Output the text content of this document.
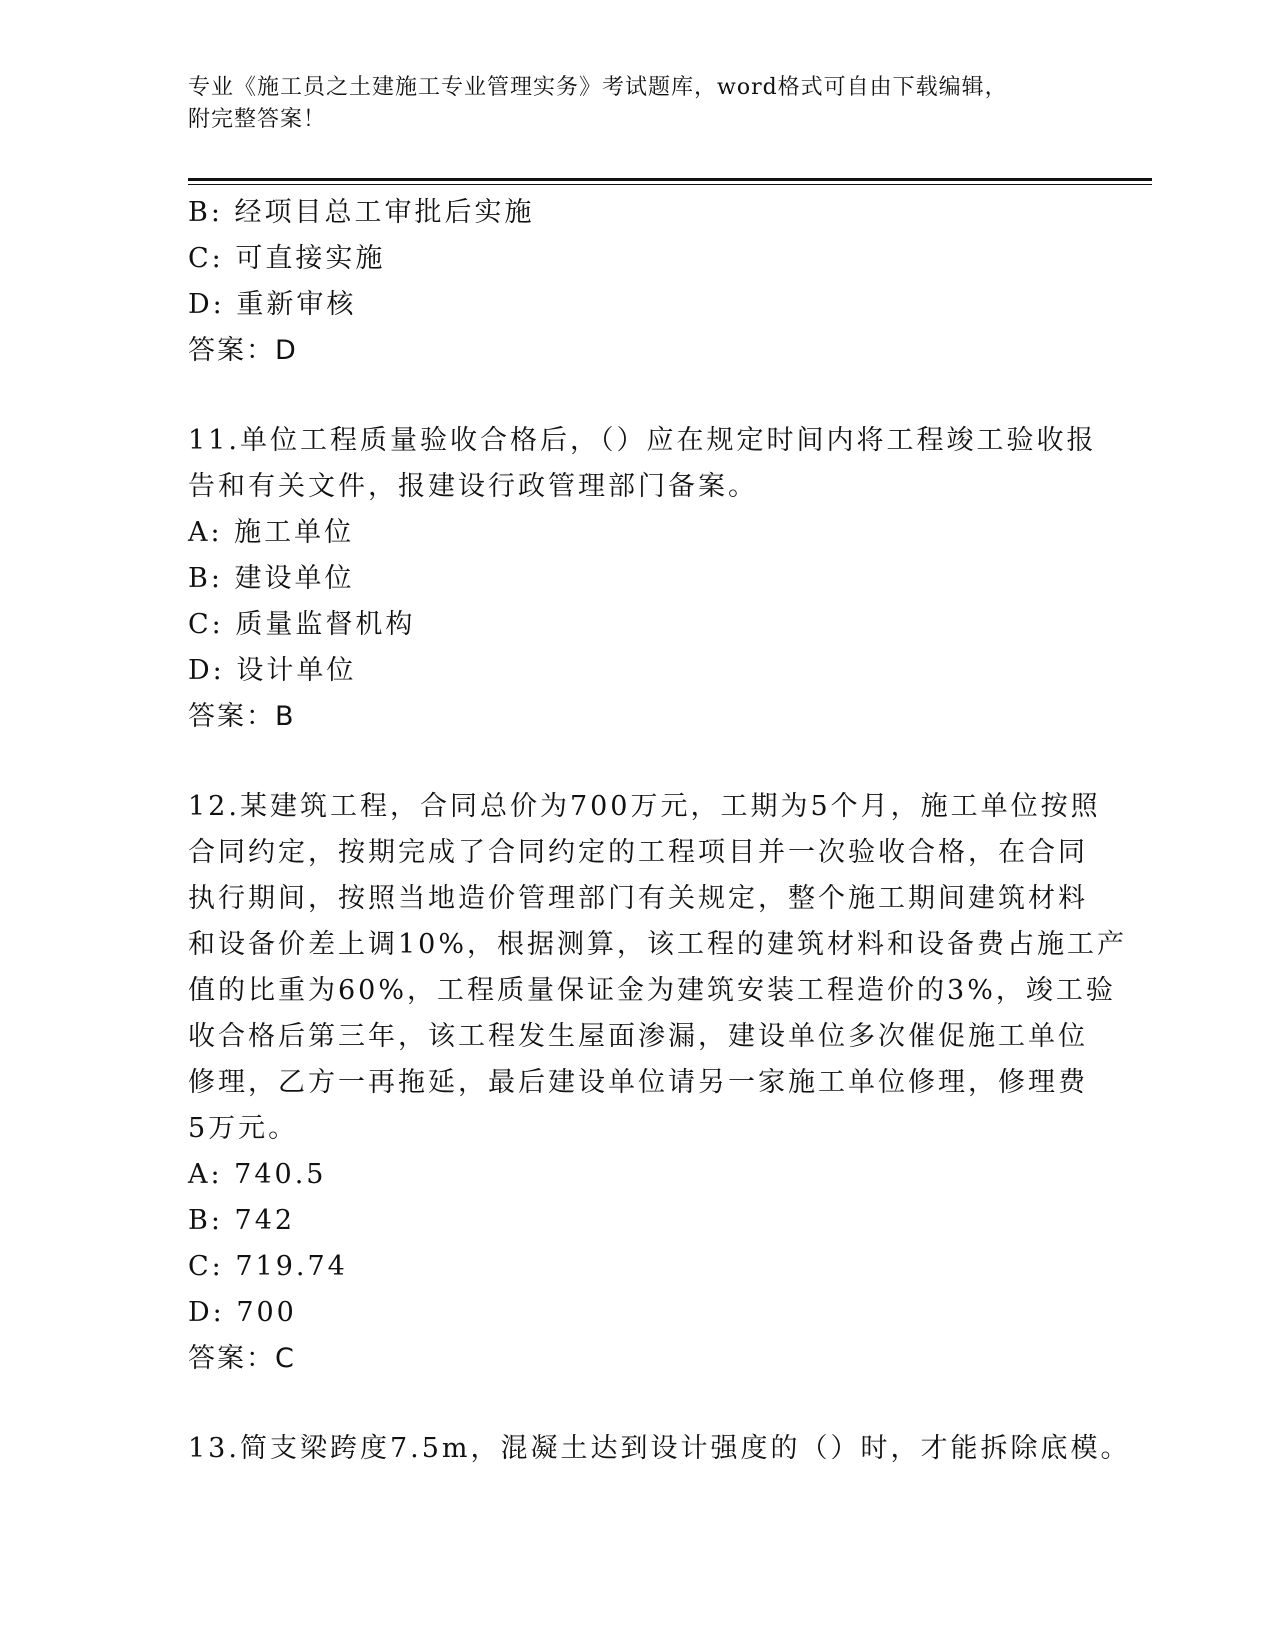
专业《施工员之土建施工专业管理实务》考试题库，word格式可自由下载编辑，
附完整答案！
B: 经项目总工审批后实施
C: 可直接实施
D: 重新审核
答案：D
11.单位工程质量验收合格后，（）应在规定时间内将工程竣工验收报
告和有关文件，报建设行政管理部门备案。
A: 施工单位
B: 建设单位
C: 质量监督机构
D: 设计单位
答案：B
12.某建筑工程，合同总价为700万元，工期为5个月，施工单位按照
合同约定，按期完成了合同约定的工程项目并一次验收合格，在合同
执行期间，按照当地造价管理部门有关规定，整个施工期间建筑材料
和设备价差上调10%，根据测算，该工程的建筑材料和设备费占施工产
值的比重为60%，工程质量保证金为建筑安装工程造价的3%，竣工验
收合格后第三年，该工程发生屋面渗漏，建设单位多次催促施工单位
修理，乙方一再拖延，最后建设单位请另一家施工单位修理，修理费
5万元。
A: 740.5
B: 742
C: 719.74
D: 700
答案：C
13.简支梁跨度7.5m，混凝土达到设计强度的（）时，才能拆除底模。
